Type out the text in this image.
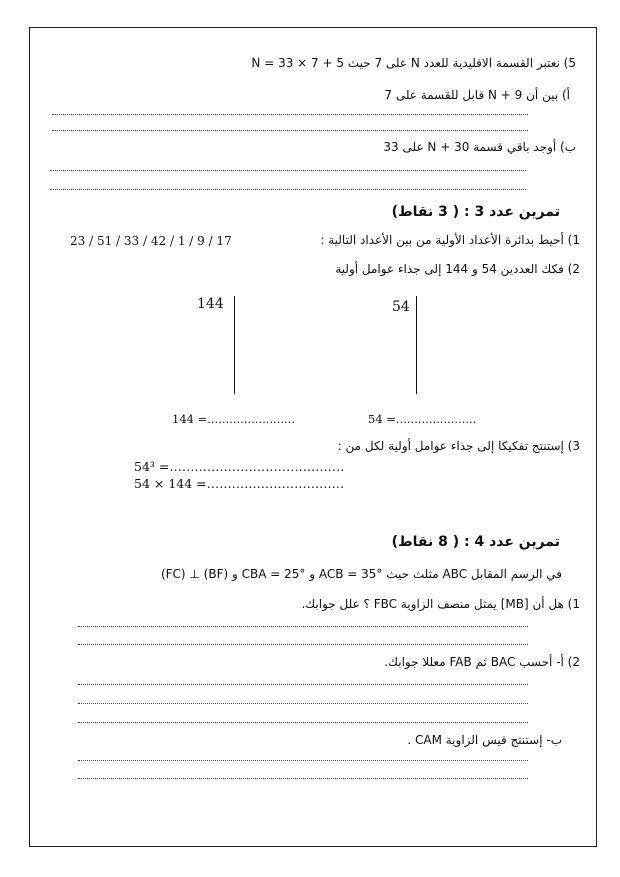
5) نعتبر القسمة الاقليدية للعدد N على 7 حيث N = 33 × 7 + 5
أ) بين أن N + 9 قابل للقسمة على 7
ب) أوجد باقي قسمة N + 30 على 33
تمرين عدد 3 : ( 3 نقاط)
1) أحيط بدائرة الأعداد الأولية من بين الأعداد التالية :
17 / 9 / 1 / 42 / 33 / 51 / 23
2) فكك العددين 54 و 144 إلى جذاء عوامل أولية
144	54
144 =........................	54 =......................
3) إستنتج تفكيكا إلى جذاء عوامل أولية لكل من :
54³ =……………………………………
54 × 144 =……………………………
تمرين عدد 4 : ( 8 نقاط)
في الرسم المقابل ABC مثلث حيث ACB = 35° و CBA = 25° و (BF) ⊥ (FC)
1) هل أن [MB] يمثل منصف الزاوية FBC ؟ علل جوابك.
2) أ- أحسب BAC ثم FAB معللا جوابك.
ب- إستنتج قيس الزاوية CAM .
